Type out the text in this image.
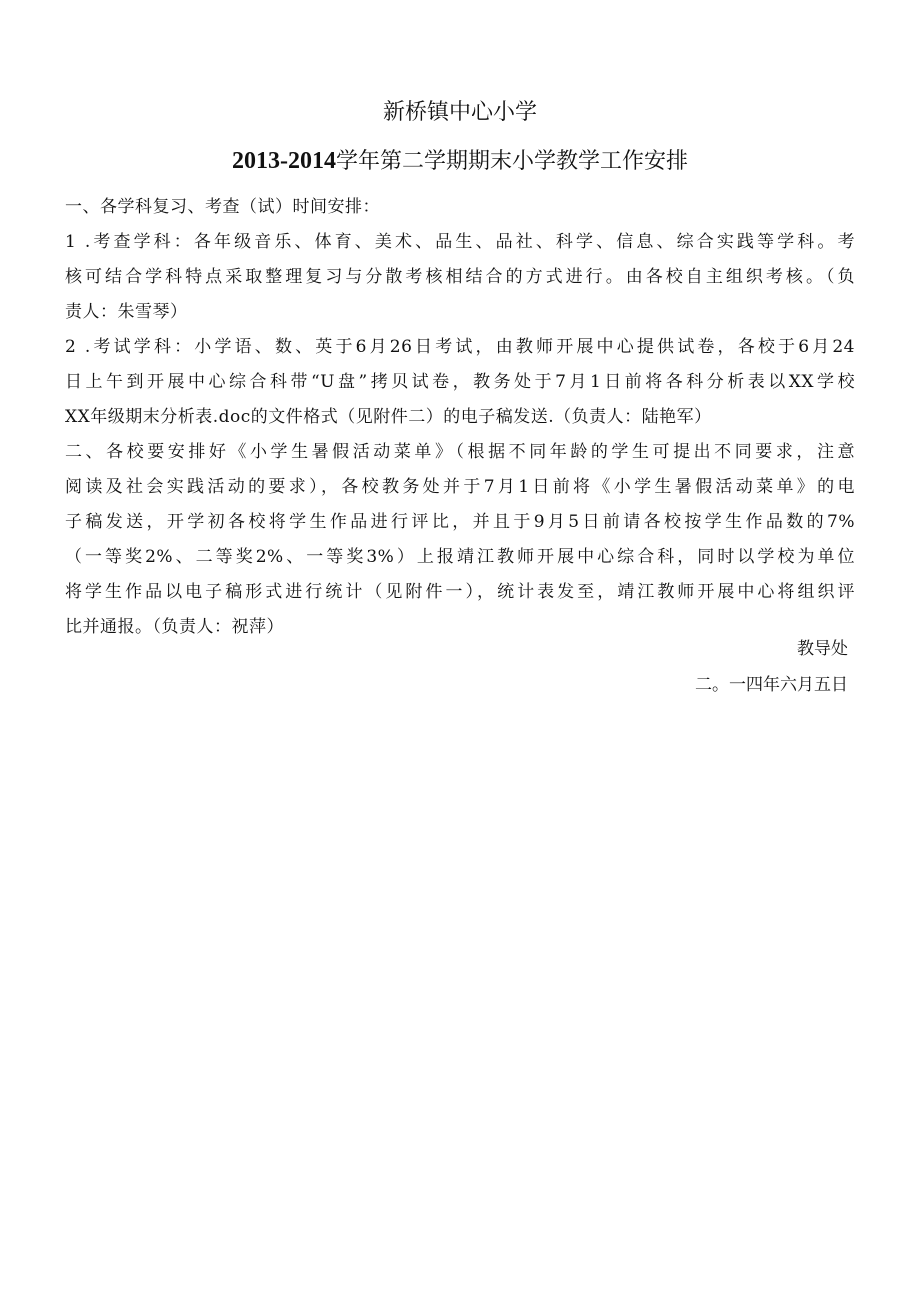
新桥镇中心小学
2013-2014学年第二学期期末小学教学工作安排
一、各学科复习、考查（试）时间安排：
1 .考查学科：各年级音乐、体育、美术、品生、品社、科学、信息、综合实践等学科。考
核可结合学科特点采取整理复习与分散考核相结合的方式进行。由各校自主组织考核。（负
责人：朱雪琴）
2 .考试学科：小学语、数、英于6月26日考试，由教师开展中心提供试卷，各校于6月24
日上午到开展中心综合科带“U盘”拷贝试卷，教务处于7月1日前将各科分析表以XX学校
XX年级期末分析表.doc的文件格式（见附件二）的电子稿发送.（负责人：陆艳军）
二、各校要安排好《小学生暑假活动菜单》（根据不同年龄的学生可提出不同要求，注意
阅读及社会实践活动的要求），各校教务处并于7月1日前将《小学生暑假活动菜单》的电
子稿发送，开学初各校将学生作品进行评比，并且于9月5日前请各校按学生作品数的7%
（一等奖2%、二等奖2%、一等奖3%）上报靖江教师开展中心综合科，同时以学校为单位
将学生作品以电子稿形式进行统计（见附件一），统计表发至，靖江教师开展中心将组织评
比并通报。（负责人：祝萍）
教导处
二。一四年六月五日
